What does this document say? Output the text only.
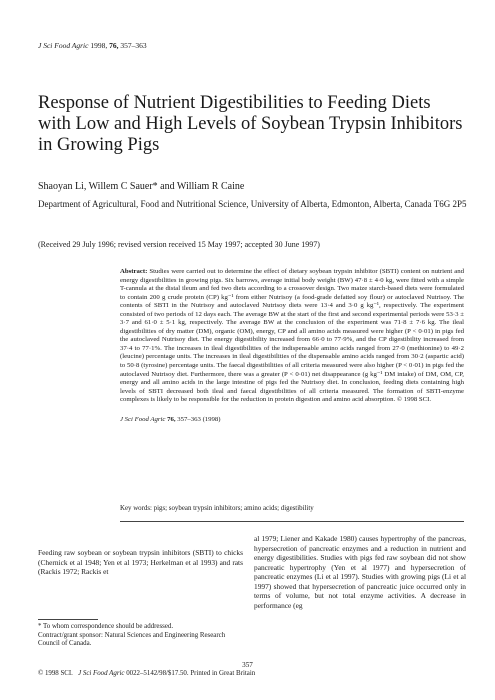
J Sci Food Agric 1998, 76, 357–363
Response of Nutrient Digestibilities to Feeding Diets with Low and High Levels of Soybean Trypsin Inhibitors in Growing Pigs
Shaoyan Li, Willem C Sauer* and William R Caine
Department of Agricultural, Food and Nutritional Science, University of Alberta, Edmonton, Alberta, Canada T6G 2P5
(Received 29 July 1996; revised version received 15 May 1997; accepted 30 June 1997)
Abstract: Studies were carried out to determine the effect of dietary soybean trypsin inhibitor (SBTI) content on nutrient and energy digestibilities in growing pigs. Six barrows, average initial body weight (BW) 47·8 ± 4·0 kg, were fitted with a simple T-cannula at the distal ileum and fed two diets according to a crossover design. Two maize starch-based diets were formulated to contain 200 g crude protein (CP) kg⁻¹ from either Nutrisoy (a food-grade defatted soy flour) or autoclaved Nutrisoy. The contents of SBTI in the Nutrisoy and autoclaved Nutrisoy diets were 13·4 and 3·0 g kg⁻¹, respectively. The experiment consisted of two periods of 12 days each. The average BW at the start of the first and second experimental periods were 53·3 ± 3·7 and 61·0 ± 5·1 kg, respectively. The average BW at the conclusion of the experiment was 71·8 ± 7·6 kg. The ileal digestibilities of dry matter (DM), organic (OM), energy, CP and all amino acids measured were higher (P < 0·01) in pigs fed the autoclaved Nutrisoy diet. The energy digestibility increased from 66·0 to 77·9%, and the CP digestibility increased from 37·4 to 77·1%. The increases in ileal digestibilities of the indispensable amino acids ranged from 27·0 (methionine) to 49·2 (leucine) percentage units. The increases in ileal digestibilities of the dispensable amino acids ranged from 30·2 (aspartic acid) to 50·8 (tyrosine) percentage units. The faecal digestibilities of all criteria measured were also higher (P < 0·01) in pigs fed the autoclaved Nutrisoy diet. Furthermore, there was a greater (P < 0·01) net disappearance (g kg⁻¹ DM intake) of DM, OM, CP, energy and all amino acids in the large intestine of pigs fed the Nutrisoy diet. In conclusion, feeding diets containing high levels of SBTI decreased both ileal and faecal digestibilities of all criteria measured. The formation of SBTI-enzyme complexes is likely to be responsible for the reduction in protein digestion and amino acid absorption. © 1998 SCI.
J Sci Food Agric 76, 357–363 (1998)
Key words: pigs; soybean trypsin inhibitors; amino acids; digestibility
Feeding raw soybean or soybean trypsin inhibitors (SBTI) to chicks (Chernick et al 1948; Yen et al 1973; Herkelman et al 1993) and rats (Rackis 1972; Rackis et
al 1979; Liener and Kakade 1980) causes hypertrophy of the pancreas, hypersecretion of pancreatic enzymes and a reduction in nutrient and energy digestibilities. Studies with pigs fed raw soybean did not show pancreatic hypertrophy (Yen et al 1977) and hypersecretion of pancreatic enzymes (Li et al 1997). Studies with growing pigs (Li et al 1997) showed that hypersecretion of pancreatic juice occurred only in terms of volume, but not total enzyme activities. A decrease in performance (eg
* To whom correspondence should be addressed.
Contract/grant sponsor: Natural Sciences and Engineering Research Council of Canada.
357
© 1998 SCI. J Sci Food Agric 0022–5142/98/$17.50. Printed in Great Britain
